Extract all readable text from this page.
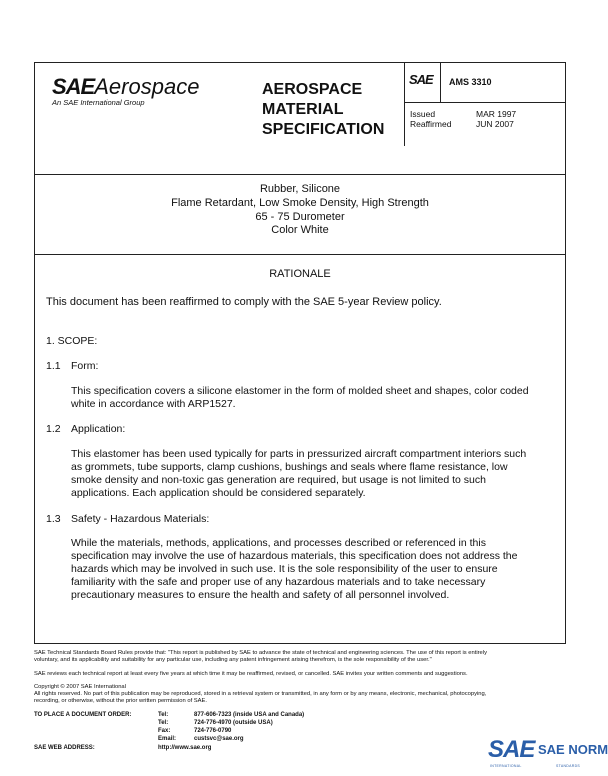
SAEAerospace
An SAE International Group
AEROSPACE
MATERIAL
SPECIFICATION
SAE AMS 3310
Issued	MAR 1997
Reaffirmed	JUN 2007
Rubber, Silicone
Flame Retardant, Low Smoke Density, High Strength
65 - 75 Durometer
Color White
RATIONALE
This document has been reaffirmed to comply with the SAE 5-year Review policy.
1. SCOPE:
1.1 Form:
This specification covers a silicone elastomer in the form of molded sheet and shapes, color coded
white in accordance with ARP1527.
1.2 Application:
This elastomer has been used typically for parts in pressurized aircraft compartment interiors such
as grommets, tube supports, clamp cushions, bushings and seals where flame resistance, low
smoke density and non-toxic gas generation are required, but usage is not limited to such
applications. Each application should be considered separately.
1.3 Safety - Hazardous Materials:
While the materials, methods, applications, and processes described or referenced in this
specification may involve the use of hazardous materials, this specification does not address the
hazards which may be involved in such use. It is the sole responsibility of the user to ensure
familiarity with the safe and proper use of any hazardous materials and to take necessary
precautionary measures to ensure the health and safety of all personnel involved.
SAE Technical Standards Board Rules provide that: "This report is published by SAE to advance the state of technical and engineering sciences. The use of this report is entirely
voluntary, and its applicability and suitability for any particular use, including any patent infringement arising therefrom, is the sole responsibility of the user."
SAE reviews each technical report at least every five years at which time it may be reaffirmed, revised, or cancelled. SAE invites your written comments and suggestions.
Copyright © 2007 SAE International
All rights reserved. No part of this publication may be reproduced, stored in a retrieval system or transmitted, in any form or by any means, electronic, mechanical, photocopying,
recording, or otherwise, without the prior written permission of SAE.
TO PLACE A DOCUMENT ORDER:	Tel:	877-606-7323 (inside USA and Canada)
Tel:	724-776-4970 (outside USA)
Fax:	724-776-0790
Email:	custsvc@sae.org
SAE WEB ADDRESS:	http://www.sae.org	SAE SAE NORM
INTERNATIONAL	STANDARDS
